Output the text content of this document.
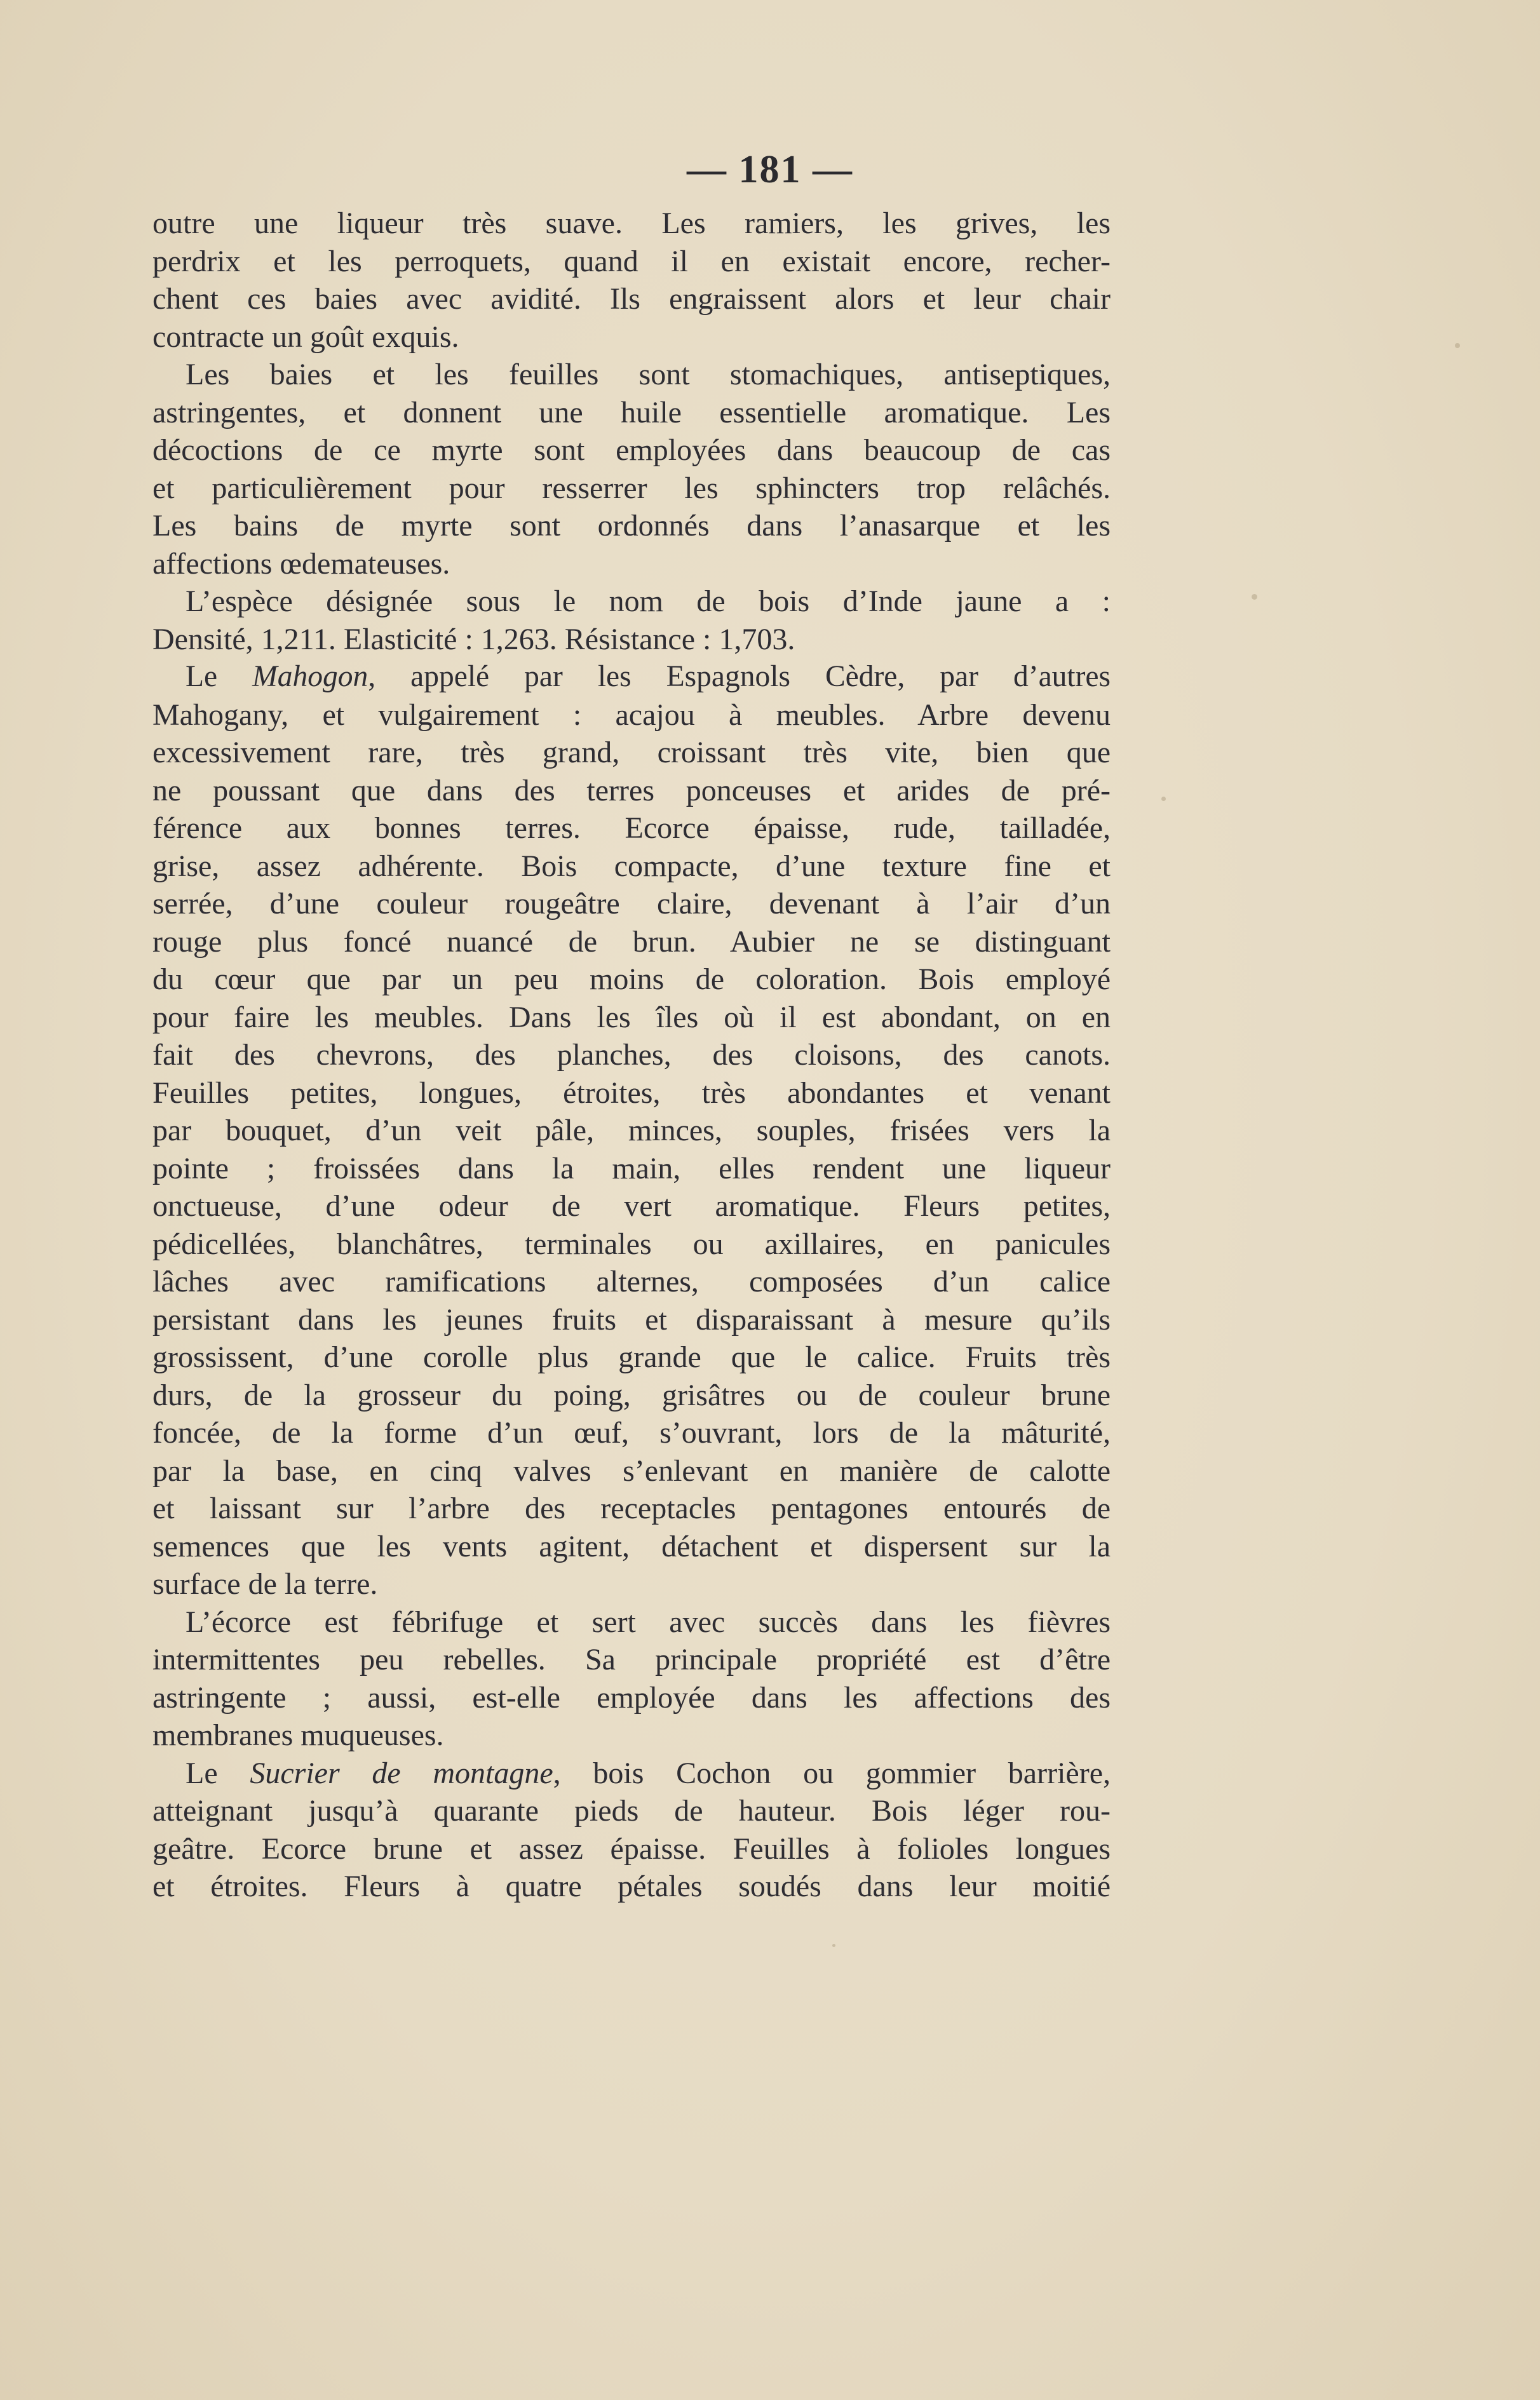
— 181 —
outre une liqueur très suave. Les ramiers, les grives, les
perdrix et les perroquets, quand il en existait encore, recher-
chent ces baies avec avidité. Ils engraissent alors et leur chair
contracte un goût exquis.
Les baies et les feuilles sont stomachiques, antiseptiques,
astringentes, et donnent une huile essentielle aromatique. Les
décoctions de ce myrte sont employées dans beaucoup de cas
et particulièrement pour resserrer les sphincters trop relâchés.
Les bains de myrte sont ordonnés dans l’anasarque et les
affections œdemateuses.
L’espèce désignée sous le nom de bois d’Inde jaune a :
Densité, 1,211. Elasticité : 1,263. Résistance : 1,703.
Le Mahogon, appelé par les Espagnols Cèdre, par d’autres
Mahogany, et vulgairement : acajou à meubles. Arbre devenu
excessivement rare, très grand, croissant très vite, bien que
ne poussant que dans des terres ponceuses et arides de pré-
férence aux bonnes terres. Ecorce épaisse, rude, tailladée,
grise, assez adhérente. Bois compacte, d’une texture fine et
serrée, d’une couleur rougeâtre claire, devenant à l’air d’un
rouge plus foncé nuancé de brun. Aubier ne se distinguant
du cœur que par un peu moins de coloration. Bois employé
pour faire les meubles. Dans les îles où il est abondant, on en
fait des chevrons, des planches, des cloisons, des canots.
Feuilles petites, longues, étroites, très abondantes et venant
par bouquet, d’un veit pâle, minces, souples, frisées vers la
pointe ; froissées dans la main, elles rendent une liqueur
onctueuse, d’une odeur de vert aromatique. Fleurs petites,
pédicellées, blanchâtres, terminales ou axillaires, en panicules
lâches avec ramifications alternes, composées d’un calice
persistant dans les jeunes fruits et disparaissant à mesure qu’ils
grossissent, d’une corolle plus grande que le calice. Fruits très
durs, de la grosseur du poing, grisâtres ou de couleur brune
foncée, de la forme d’un œuf, s’ouvrant, lors de la mâturité,
par la base, en cinq valves s’enlevant en manière de calotte
et laissant sur l’arbre des receptacles pentagones entourés de
semences que les vents agitent, détachent et dispersent sur la
surface de la terre.
L’écorce est fébrifuge et sert avec succès dans les fièvres
intermittentes peu rebelles. Sa principale propriété est d’être
astringente ; aussi, est-elle employée dans les affections des
membranes muqueuses.
Le Sucrier de montagne, bois Cochon ou gommier barrière,
atteignant jusqu’à quarante pieds de hauteur. Bois léger rou-
geâtre. Ecorce brune et assez épaisse. Feuilles à folioles longues
et étroites. Fleurs à quatre pétales soudés dans leur moitié
